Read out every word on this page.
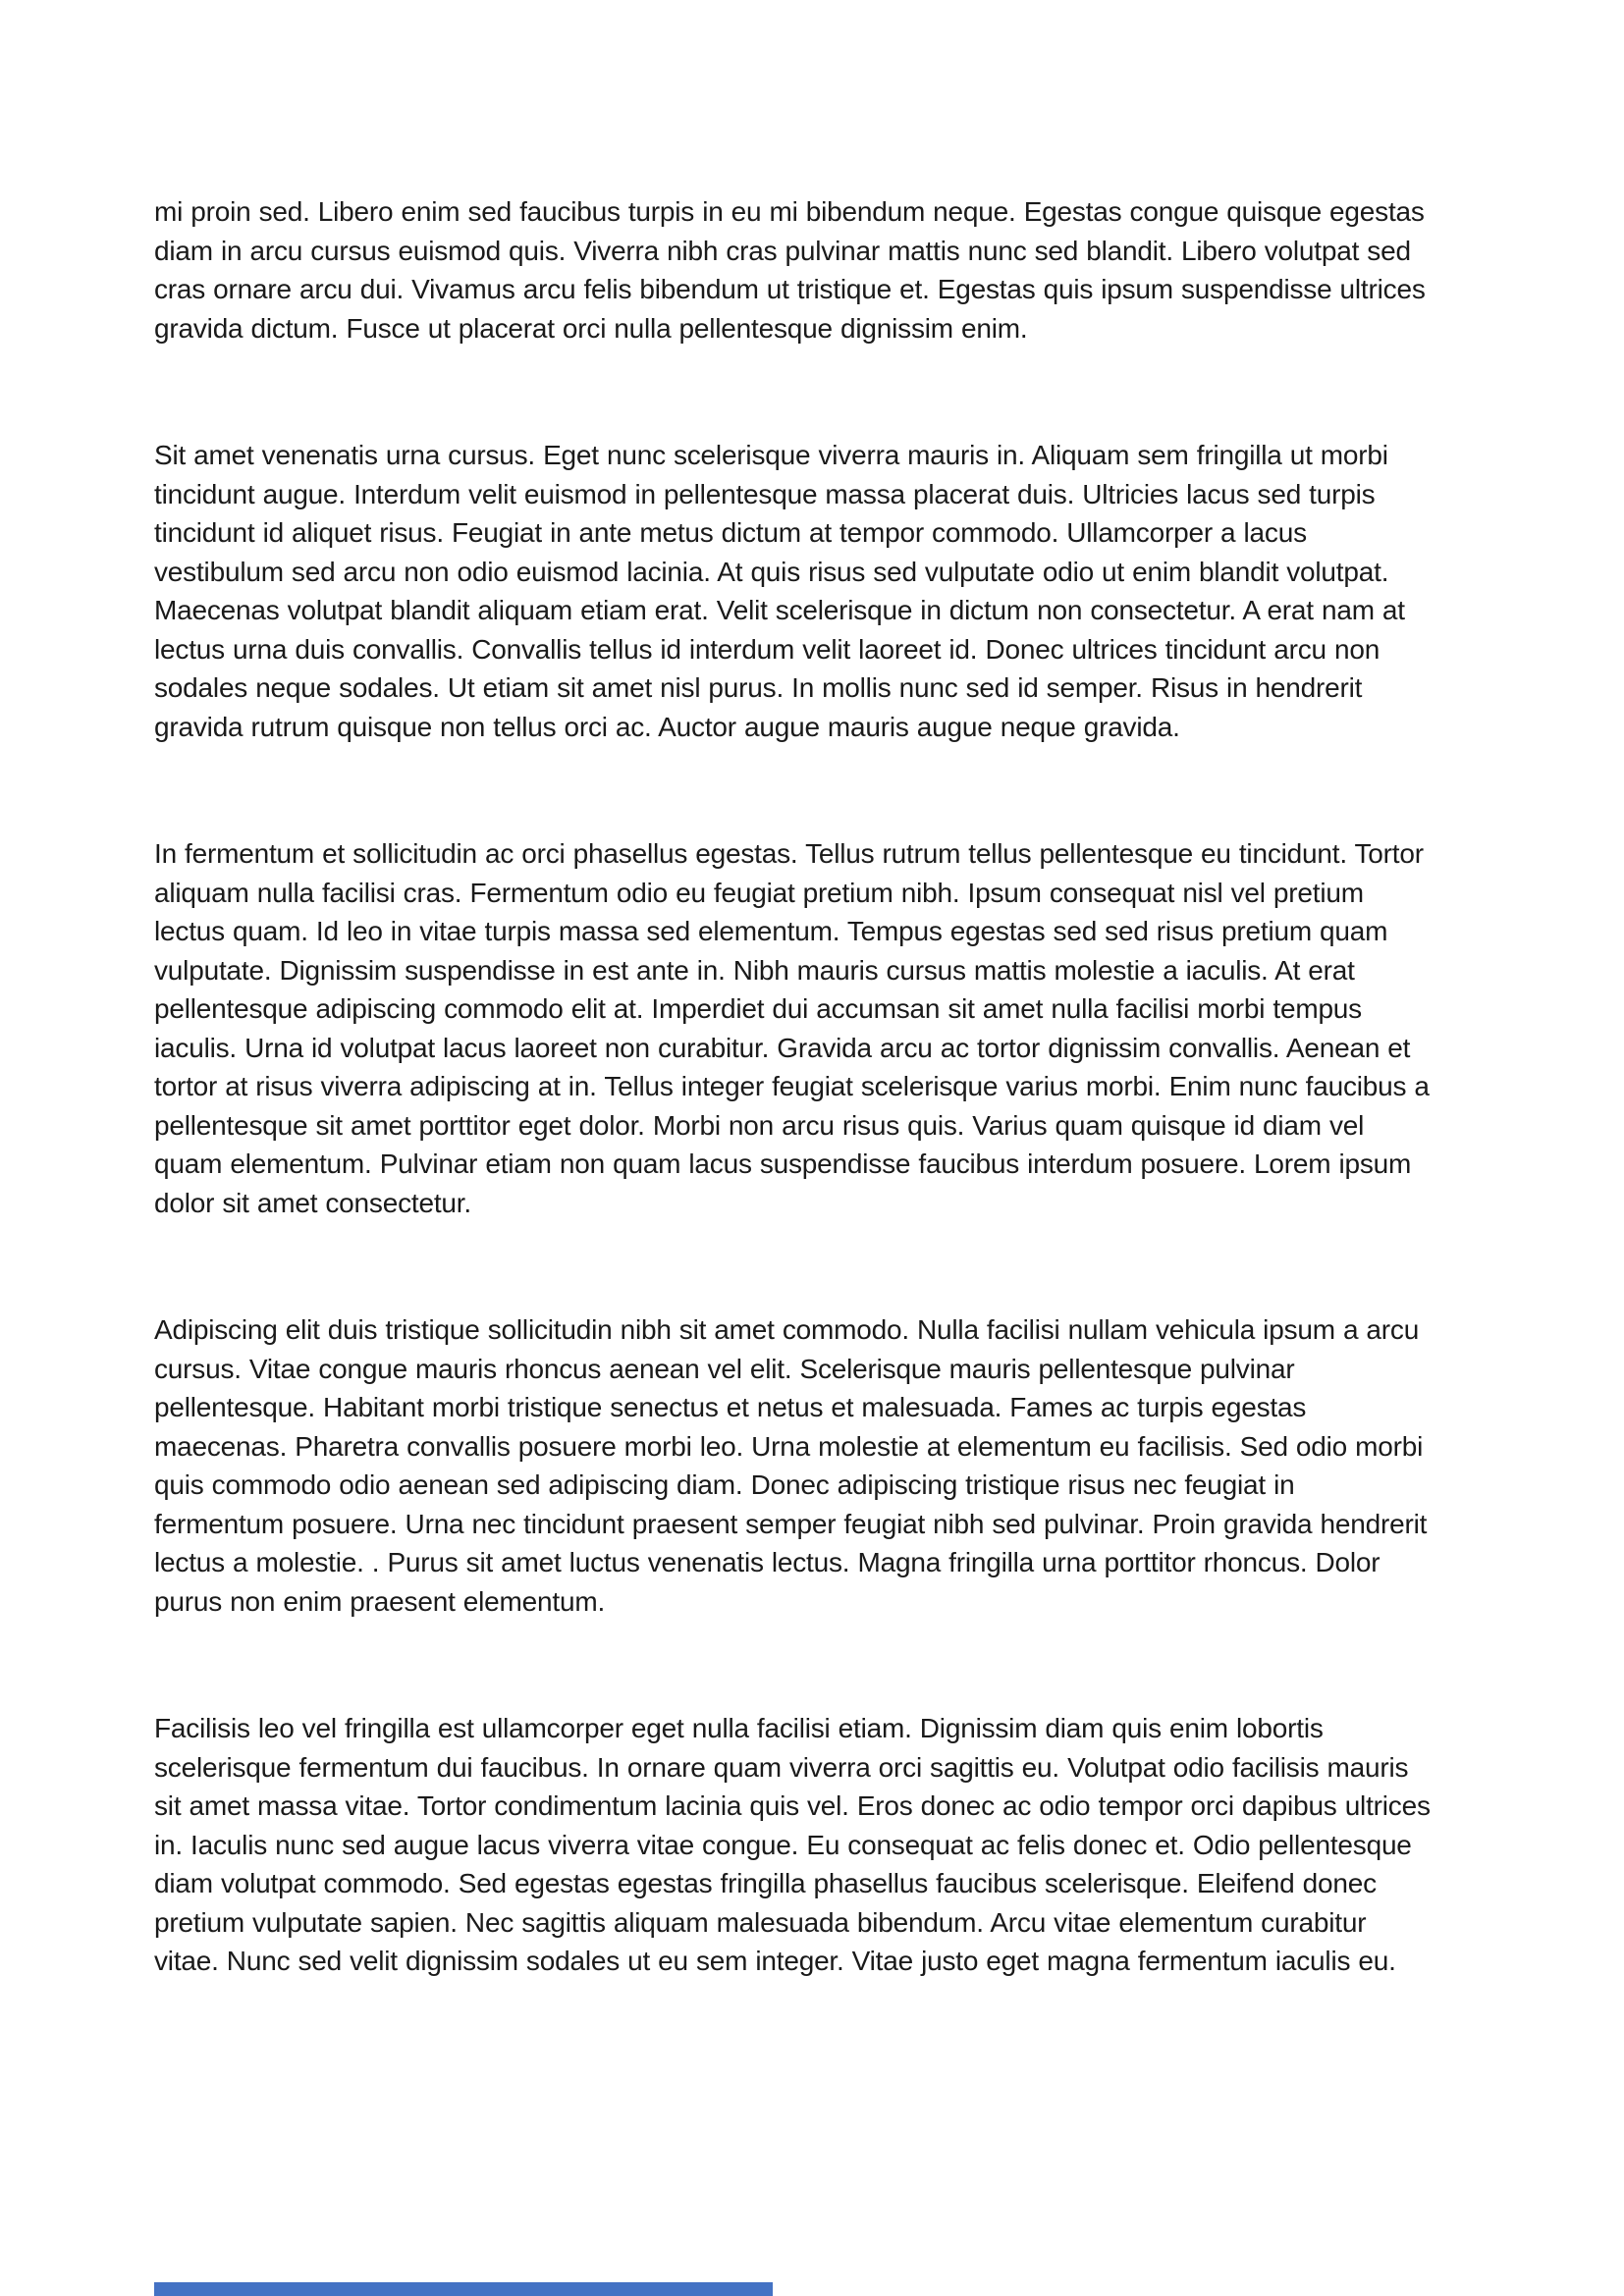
mi proin sed. Libero enim sed faucibus turpis in eu mi bibendum neque. Egestas congue quisque egestas diam in arcu cursus euismod quis. Viverra nibh cras pulvinar mattis nunc sed blandit. Libero volutpat sed cras ornare arcu dui. Vivamus arcu felis bibendum ut tristique et. Egestas quis ipsum suspendisse ultrices gravida dictum. Fusce ut placerat orci nulla pellentesque dignissim enim.

Sit amet venenatis urna cursus. Eget nunc scelerisque viverra mauris in. Aliquam sem fringilla ut morbi tincidunt augue. Interdum velit euismod in pellentesque massa placerat duis. Ultricies lacus sed turpis tincidunt id aliquet risus. Feugiat in ante metus dictum at tempor commodo. Ullamcorper a lacus vestibulum sed arcu non odio euismod lacinia. At quis risus sed vulputate odio ut enim blandit volutpat. Maecenas volutpat blandit aliquam etiam erat. Velit scelerisque in dictum non consectetur. A erat nam at lectus urna duis convallis. Convallis tellus id interdum velit laoreet id. Donec ultrices tincidunt arcu non sodales neque sodales. Ut etiam sit amet nisl purus. In mollis nunc sed id semper. Risus in hendrerit gravida rutrum quisque non tellus orci ac. Auctor augue mauris augue neque gravida.

In fermentum et sollicitudin ac orci phasellus egestas. Tellus rutrum tellus pellentesque eu tincidunt. Tortor aliquam nulla facilisi cras. Fermentum odio eu feugiat pretium nibh. Ipsum consequat nisl vel pretium lectus quam. Id leo in vitae turpis massa sed elementum. Tempus egestas sed sed risus pretium quam vulputate. Dignissim suspendisse in est ante in. Nibh mauris cursus mattis molestie a iaculis. At erat pellentesque adipiscing commodo elit at. Imperdiet dui accumsan sit amet nulla facilisi morbi tempus iaculis. Urna id volutpat lacus laoreet non curabitur. Gravida arcu ac tortor dignissim convallis. Aenean et tortor at risus viverra adipiscing at in. Tellus integer feugiat scelerisque varius morbi. Enim nunc faucibus a pellentesque sit amet porttitor eget dolor. Morbi non arcu risus quis. Varius quam quisque id diam vel quam elementum. Pulvinar etiam non quam lacus suspendisse faucibus interdum posuere. Lorem ipsum dolor sit amet consectetur.

Adipiscing elit duis tristique sollicitudin nibh sit amet commodo. Nulla facilisi nullam vehicula ipsum a arcu cursus. Vitae congue mauris rhoncus aenean vel elit. Scelerisque mauris pellentesque pulvinar pellentesque. Habitant morbi tristique senectus et netus et malesuada. Fames ac turpis egestas maecenas. Pharetra convallis posuere morbi leo. Urna molestie at elementum eu facilisis. Sed odio morbi quis commodo odio aenean sed adipiscing diam. Donec adipiscing tristique risus nec feugiat in fermentum posuere. Urna nec tincidunt praesent semper feugiat nibh sed pulvinar. Proin gravida hendrerit lectus a molestie. . Purus sit amet luctus venenatis lectus. Magna fringilla urna porttitor rhoncus. Dolor purus non enim praesent elementum.

Facilisis leo vel fringilla est ullamcorper eget nulla facilisi etiam. Dignissim diam quis enim lobortis scelerisque fermentum dui faucibus. In ornare quam viverra orci sagittis eu. Volutpat odio facilisis mauris sit amet massa vitae. Tortor condimentum lacinia quis vel. Eros donec ac odio tempor orci dapibus ultrices in. Iaculis nunc sed augue lacus viverra vitae congue. Eu consequat ac felis donec et. Odio pellentesque diam volutpat commodo. Sed egestas egestas fringilla phasellus faucibus scelerisque. Eleifend donec pretium vulputate sapien. Nec sagittis aliquam malesuada bibendum. Arcu vitae elementum curabitur vitae. Nunc sed velit dignissim sodales ut eu sem integer. Vitae justo eget magna fermentum iaculis eu.
